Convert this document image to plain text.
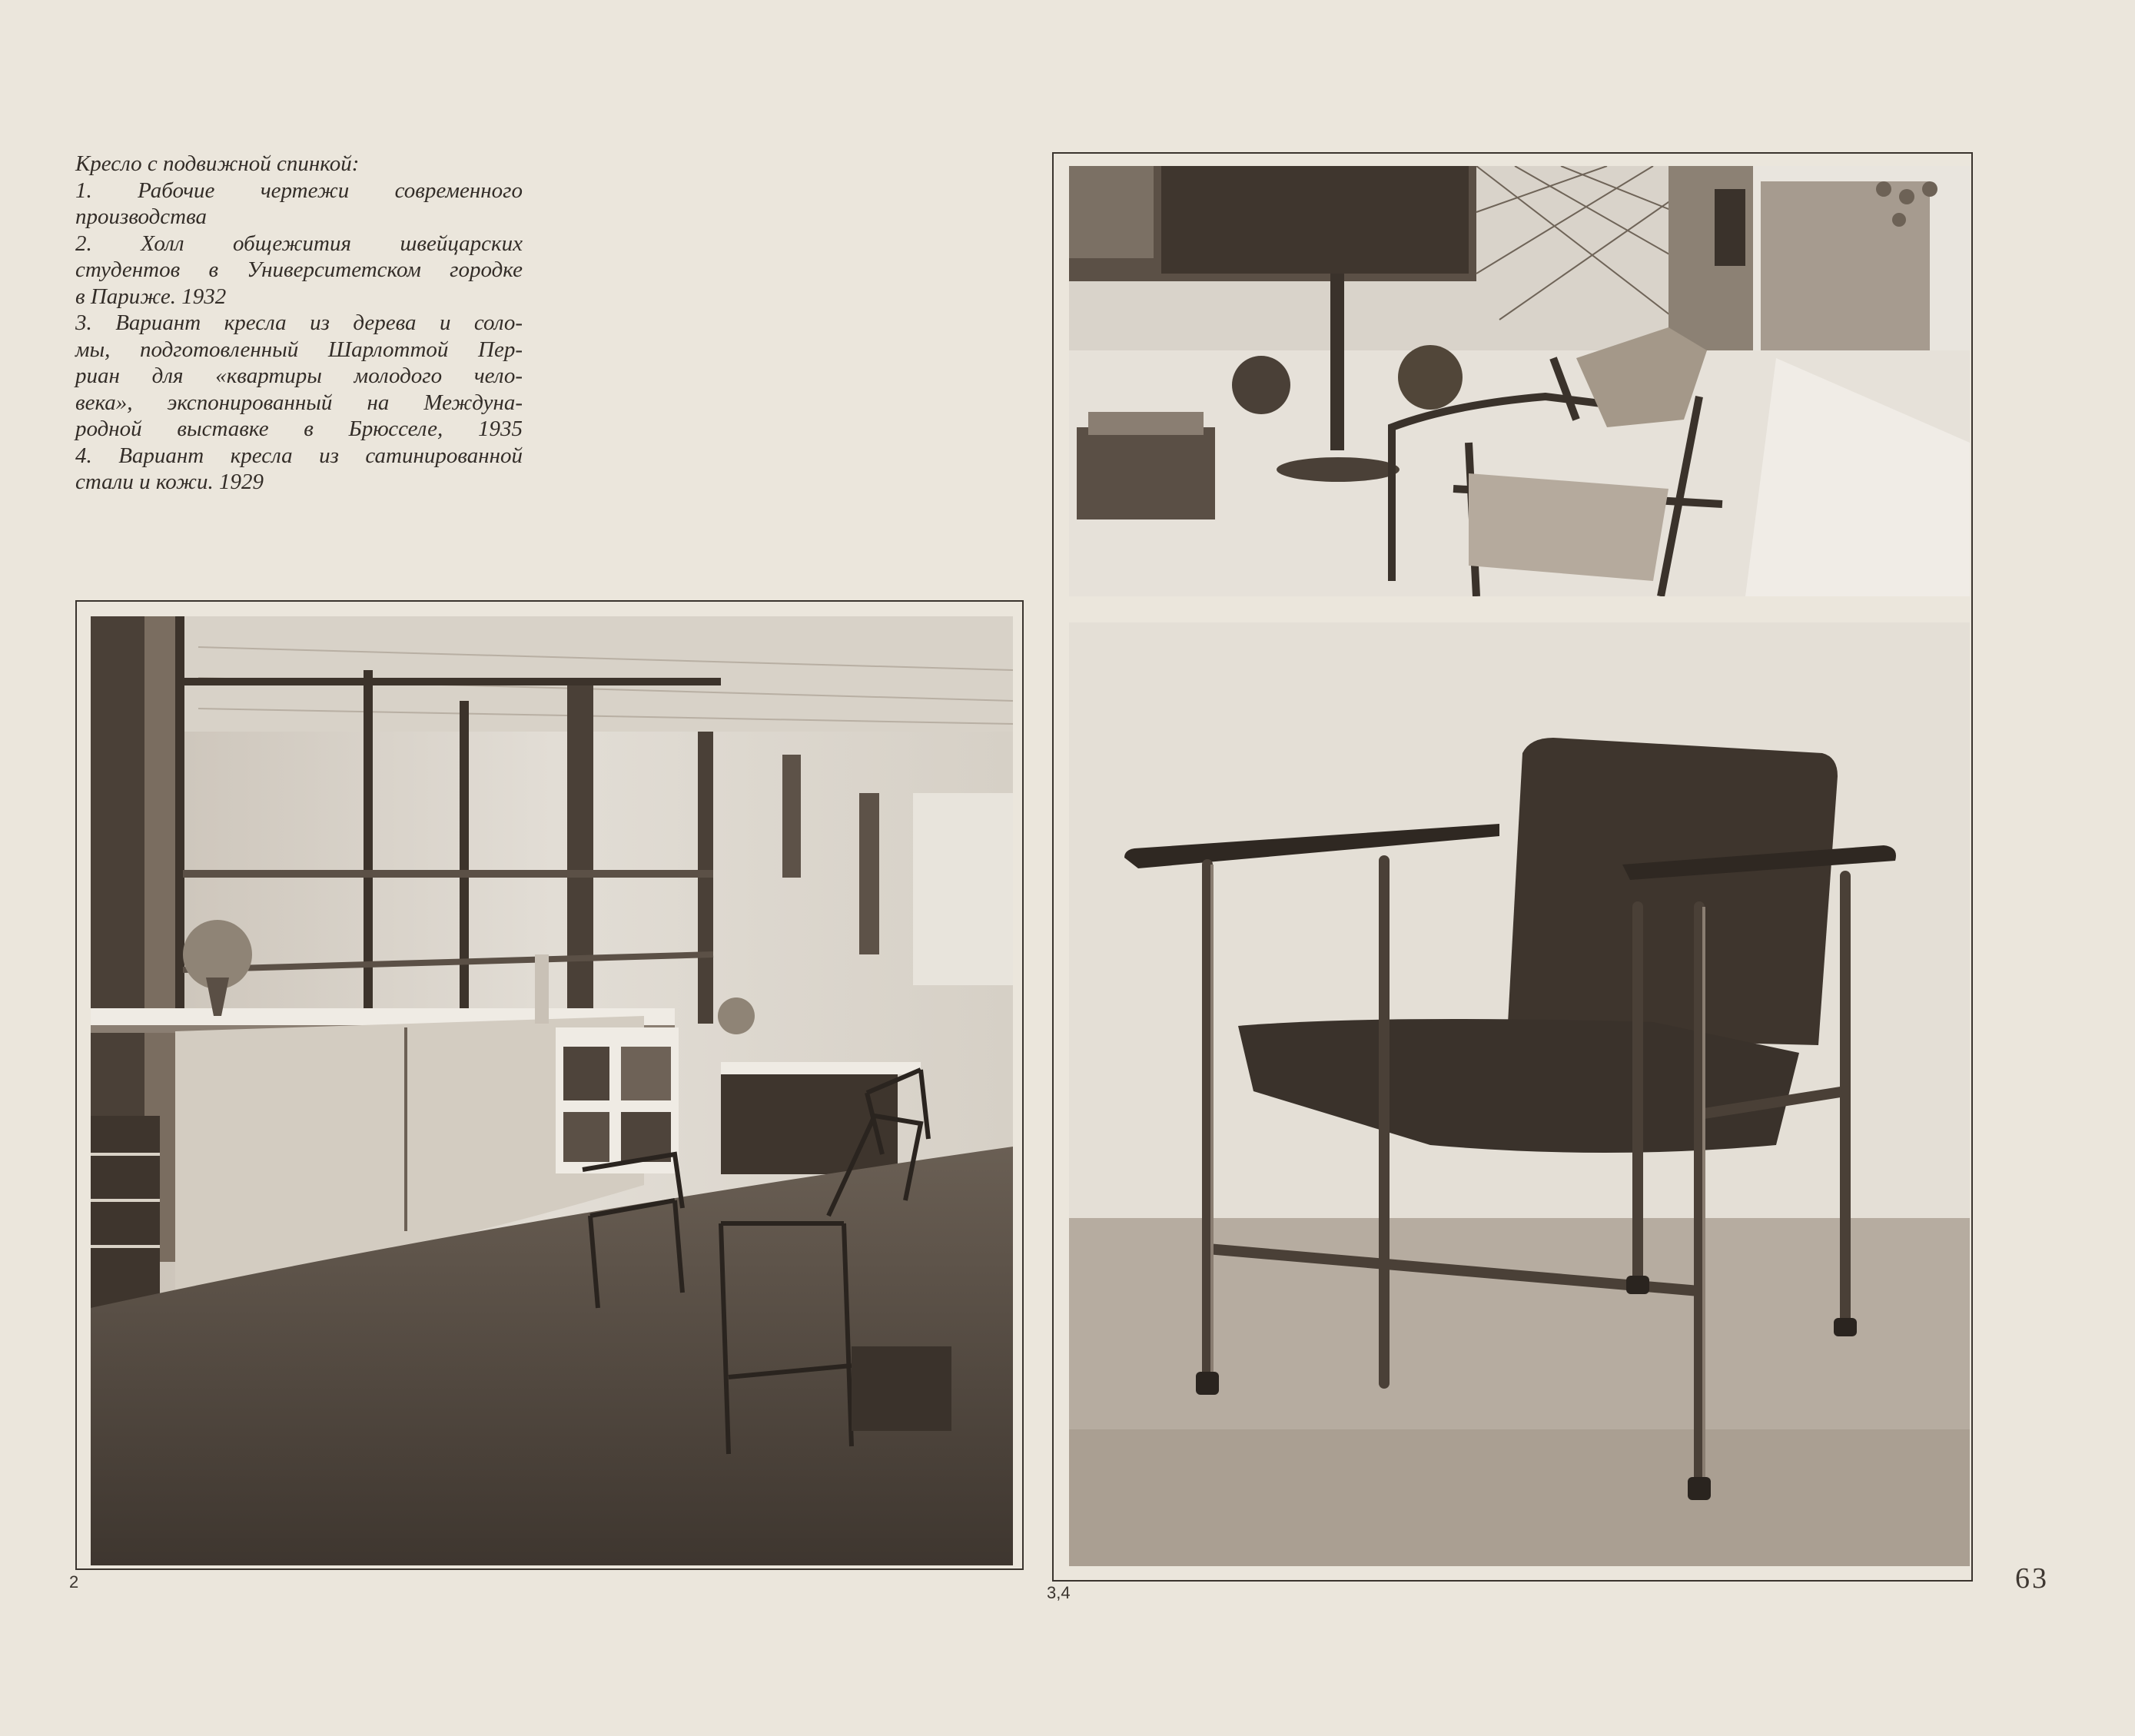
Кресло с подвижной спинкой:
1. Рабочие чертежи современного
производства
2. Холл общежития швейцарских
студентов в Университетском городке
в Париже. 1932
3. Вариант кресла из дерева и соло-
мы, подготовленный Шарлоттой Пер-
риан для «квартиры молодого чело-
века», экспонированный на Междуна-
родной выставке в Брюсселе, 1935
4. Вариант кресла из сатинированной
стали и кожи. 1929
2
3,4	63
